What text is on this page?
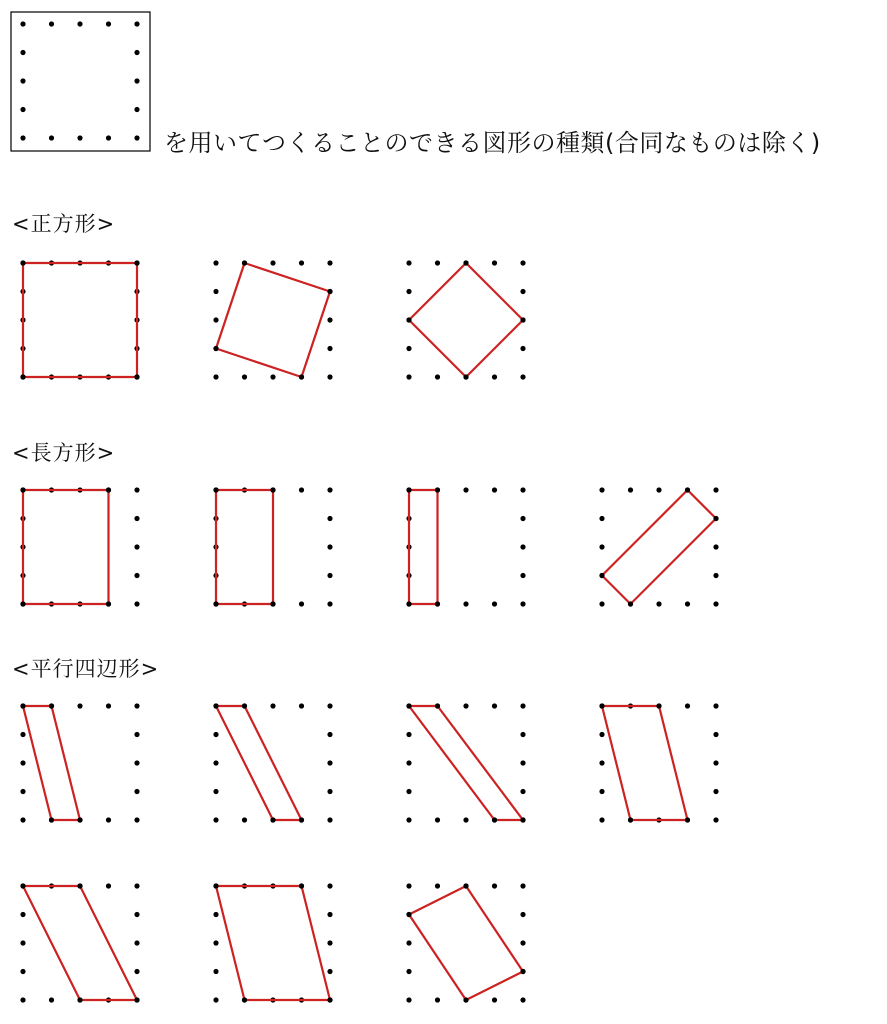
を用いてつくることのできる図形の種類(合同なものは除く)
<正方形>
<長方形>
<平行四辺形>
